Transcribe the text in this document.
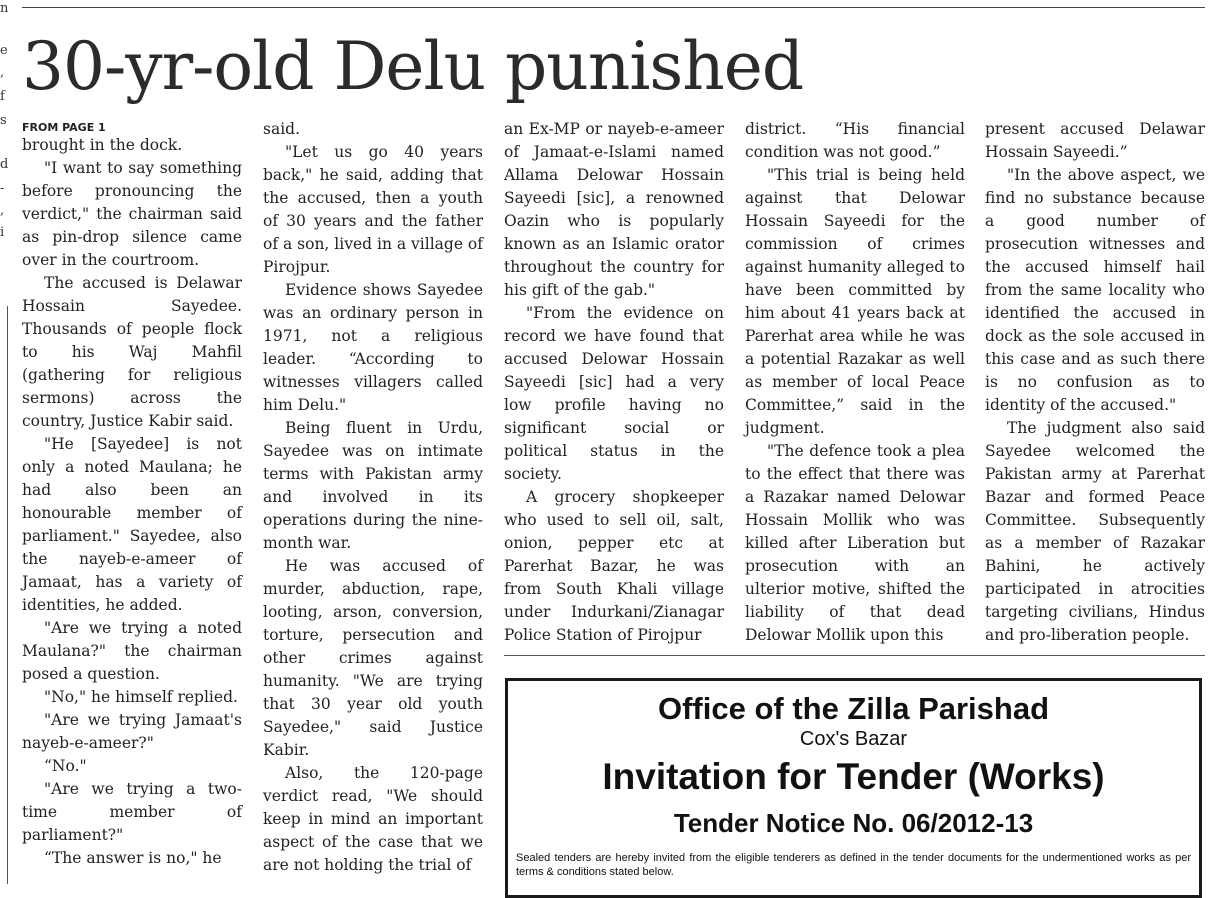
n
e
,
f
s
d
-
,
i
30-yr-old Delu punished
FROM PAGE 1

brought in the dock.

"I want to say something before pronouncing the verdict," the chairman said as pin-drop silence came over in the courtroom.

The accused is Delawar Hossain Sayedee. Thousands of people flock to his Waj Mahfil (gathering for religious sermons) across the country, Justice Kabir said.

"He [Sayedee] is not only a noted Maulana; he had also been an honourable member of parliament." Sayedee, also the nayeb-e-ameer of Jamaat, has a variety of identities, he added.

"Are we trying a noted Maulana?" the chairman posed a question.

"No," he himself replied.

"Are we trying Jamaat's nayeb-e-ameer?"

“No."

"Are we trying a two-time member of parliament?"

“The answer is no," he

said.

"Let us go 40 years back," he said, adding that the accused, then a youth of 30 years and the father of a son, lived in a village of Pirojpur.

Evidence shows Sayedee was an ordinary person in 1971, not a religious leader. “According to witnesses villagers called him Delu."

Being fluent in Urdu, Sayedee was on intimate terms with Pakistan army and involved in its operations during the nine-month war.

He was accused of murder, abduction, rape, looting, arson, conversion, torture, persecution and other crimes against humanity. "We are trying that 30 year old youth Sayedee," said Justice Kabir.

Also, the 120-page verdict read, "We should keep in mind an important aspect of the case that we are not holding the trial of

an Ex-MP or nayeb-e-ameer of Jamaat-e-Islami named Allama Delowar Hossain Sayeedi [sic], a renowned Oazin who is popularly known as an Islamic orator throughout the country for his gift of the gab."

"From the evidence on record we have found that accused Delowar Hossain Sayeedi [sic] had a very low profile having no significant social or political status in the society.

A grocery shopkeeper who used to sell oil, salt, onion, pepper etc at Parerhat Bazar, he was from South Khali village under Indurkani/Zianagar Police Station of Pirojpur

district. “His financial condition was not good.”

"This trial is being held against that Delowar Hossain Sayeedi for the commission of crimes against humanity alleged to have been committed by him about 41 years back at Parerhat area while he was a potential Razakar as well as member of local Peace Committee,” said in the judgment.

"The defence took a plea to the effect that there was a Razakar named Delowar Hossain Mollik who was killed after Liberation but prosecution with an ulterior motive, shifted the liability of that dead Delowar Mollik upon this

present accused Delawar Hossain Sayeedi.”

"In the above aspect, we find no substance because a good number of prosecution witnesses and the accused himself hail from the same locality who identified the accused in dock as the sole accused in this case and as such there is no confusion as to identity of the accused."

The judgment also said Sayedee welcomed the Pakistan army at Parerhat Bazar and formed Peace Committee. Subsequently as a member of Razakar Bahini, he actively participated in atrocities targeting civilians, Hindus and pro-liberation people.

Office of the Zilla Parishad
Cox's Bazar
Invitation for Tender (Works)
Tender Notice No. 06/2012-13
Sealed tenders are hereby invited from the eligible tenderers as defined in the tender documents for the undermentioned works as per terms & conditions stated below.
